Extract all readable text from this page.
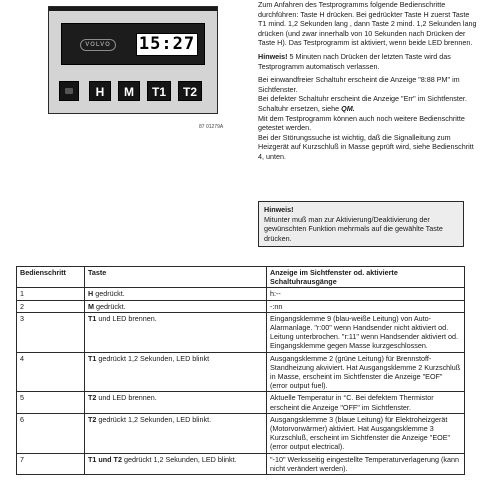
VOLVO	15:27
H	M	T1	T2
87 01279A

Zum Anfahren des Testprogramms folgende Bedienschritte durchführen: Taste H drücken. Bei gedrückter Taste H zuerst Taste T1 mind. 1,2 Sekunden lang , dann Taste 2 mind. 1,2 Sekunden lang drücken (und zwar innerhalb von 10 Sekunden nach Drücken der Taste H). Das Testprogramm ist aktiviert, wenn beide LED brennen.

Hinweis! 5 Minuten nach Drücken der letzten Taste wird das Testprogramm automatisch verlassen.

Bei einwandfreier Schaltuhr erscheint die Anzeige "8:88 PM" im Sichtfenster.

Bei defekter Schaltuhr erscheint die Anzeige "Err" im Sichtfenster. Schaltuhr ersetzen, siehe QM.

Mit dem Testprogramm können auch noch weitere Bedienschritte getestet werden.

Bei der Störungssuche ist wichtig, daß die Signalleitung zum Heizgerät auf Kurzschluß in Masse geprüft wird, siehe Bedienschritt 4, unten.

Hinweis!
Mitunter muß man zur Aktivierung/Deaktivierung der gewünschten Funktion mehrmals auf die gewählte Taste drücken.
Bedienschritt	Taste	Anzeige im Sichtfenster od. aktivierte Schaltuhrausgänge
1	H gedrückt.	h:--
2	M gedrückt.	-:nn
3	T1 und LED brennen.	Eingangsklemme 9 (blau-weiße Leitung) von Auto-Alarmanlage. "r:00" wenn Handsender nicht aktiviert od. Leitung unterbrochen. "r:11" wenn Handsender aktiviert od. Eingangsklemme gegen Masse kurzgeschlossen.
4	T1 gedrückt 1,2 Sekunden, LED blinkt	Ausgangsklemme 2 (grüne Leitung) für Brennstoff-Standheizung akviviert. Hat Ausgangsklemme 2 Kurzschluß in Masse, erscheint im Sichtfenster die Anzeige "EOF" (error output fuel).
5	T2 und LED brennen.	Aktuelle Temperatur in °C. Bei defektem Thermistor erscheint die Anzeige "OFF" im Sichtfenster.
6	T2 gedrückt 1,2 Sekunden, LED blinkt.	Ausgangsklemme 3 (blaue Leitung) für Elektroheizgerät (Motorvorwärmer) aktiviert. Hat Ausgangsklemme 3 Kurzschluß, erscheint im Sichtfenster die Anzeige "EOE" (error output electrical).
7	T1 und T2 gedrückt 1,2 Sekunden, LED blinkt.	"-10" Werksseitig eingestellte Temperaturverlagerung (kann nicht verändert werden).
